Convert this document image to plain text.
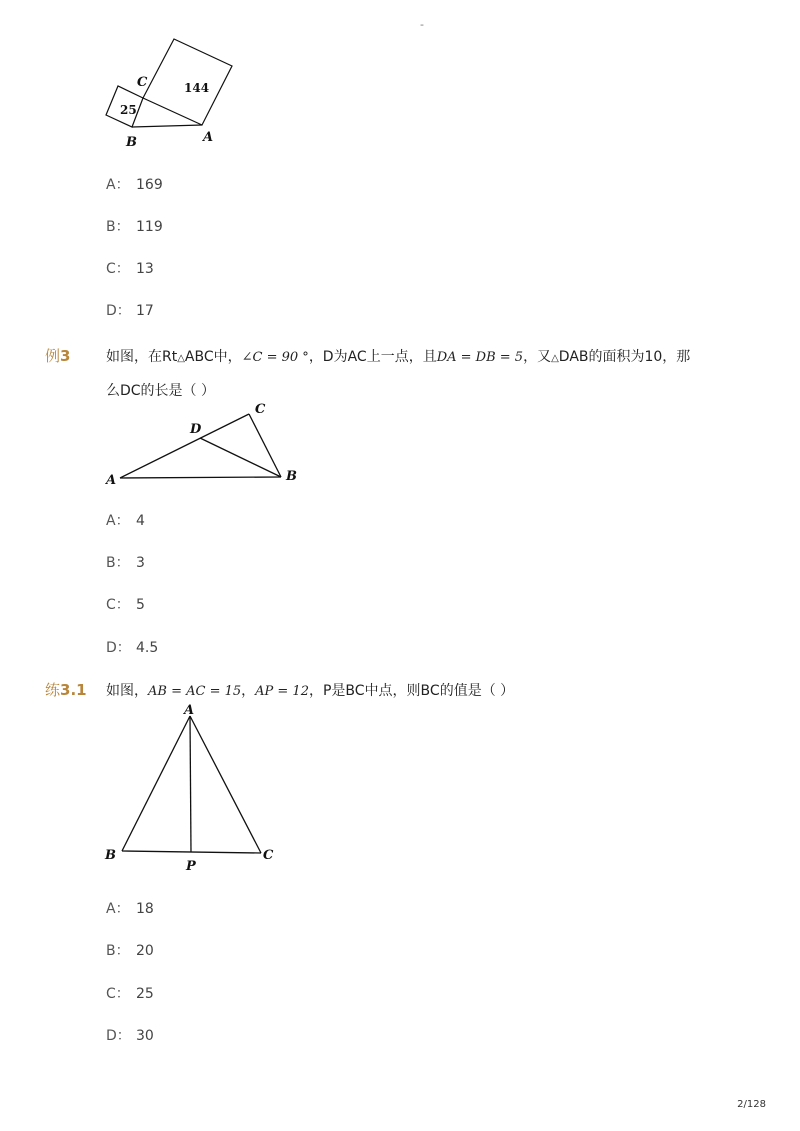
-
C
B	A
25
144
A： 169
B： 119
C： 13
D： 17
例3	如图，在Rt△ABC中，∠C = 90 °，D为AC上一点，且DA = DB = 5，又△DAB的面积为10，那
么DC的长是（ ）
A	B
C
D
A： 4
B： 3
C： 5
D： 4.5
练3.1 如图，AB = AC = 15，AP = 12，P是BC中点，则BC的值是（ ）
A
B	C
P
A： 18
B： 20
C： 25
D： 30
2/128
